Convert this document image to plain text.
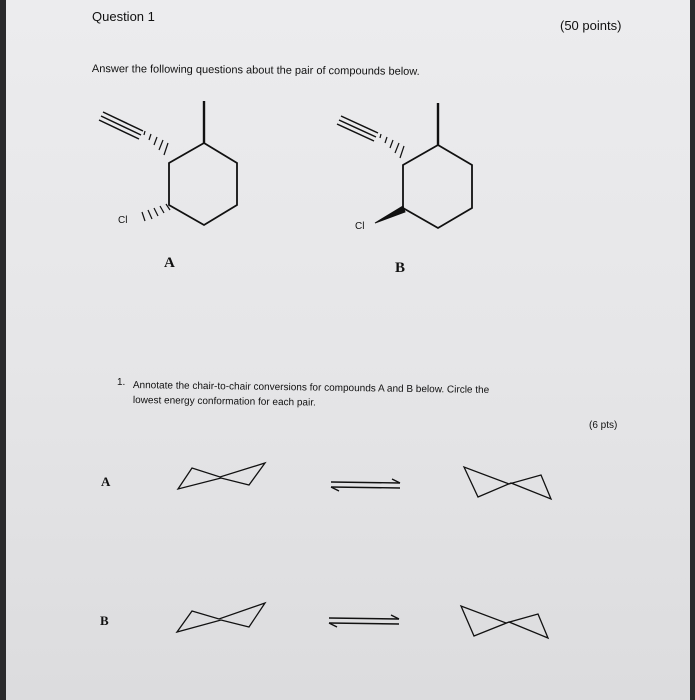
Question 1
(50 points)
Answer the following questions about the pair of compounds below.
Cl
Cl
A	B
1. Annotate the chair-to-chair conversions for compounds A and B below. Circle the
lowest energy conformation for each pair.
(6 pts)
A
B
